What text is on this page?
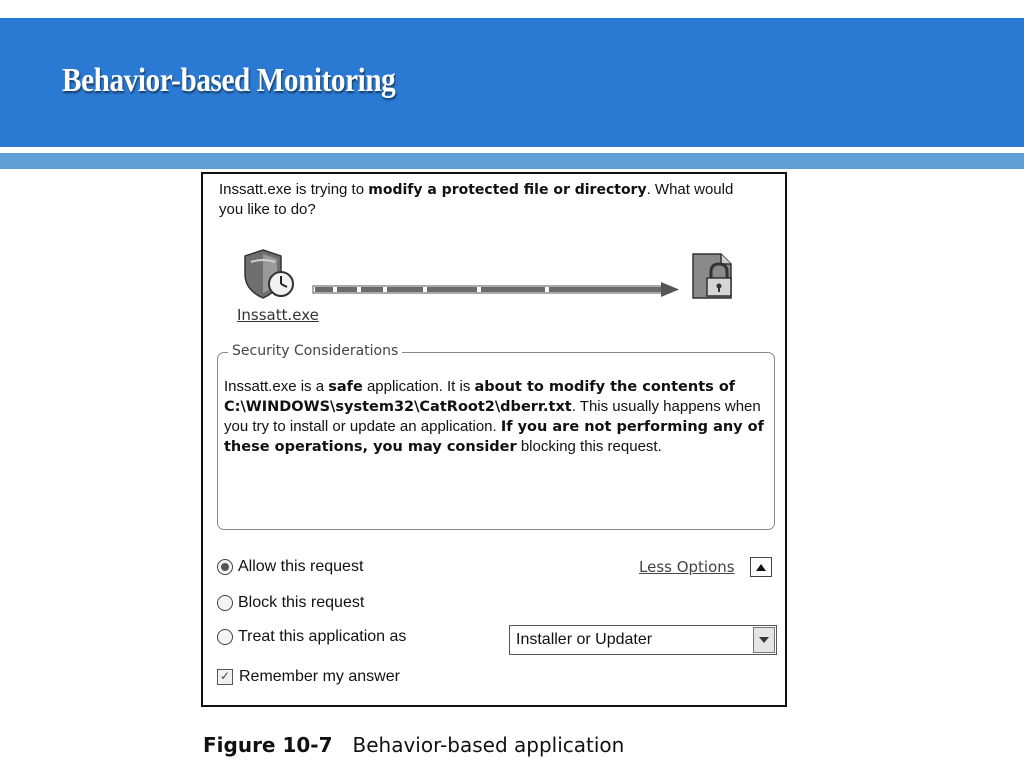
Behavior-based Monitoring
Inssatt.exe is trying to modify a protected file or directory. What would you like to do?
Inssatt.exe
Security Considerations
Inssatt.exe is a safe application. It is about to modify the contents of C:\WINDOWS\system32\CatRoot2\dberr.txt. This usually happens when you try to install or update an application. If you are not performing any of these operations, you may consider blocking this request.
Allow this request	Less Options
Block this request
Treat this application as	Installer or Updater
✓ Remember my answer
Figure 10-7 Behavior-based application
